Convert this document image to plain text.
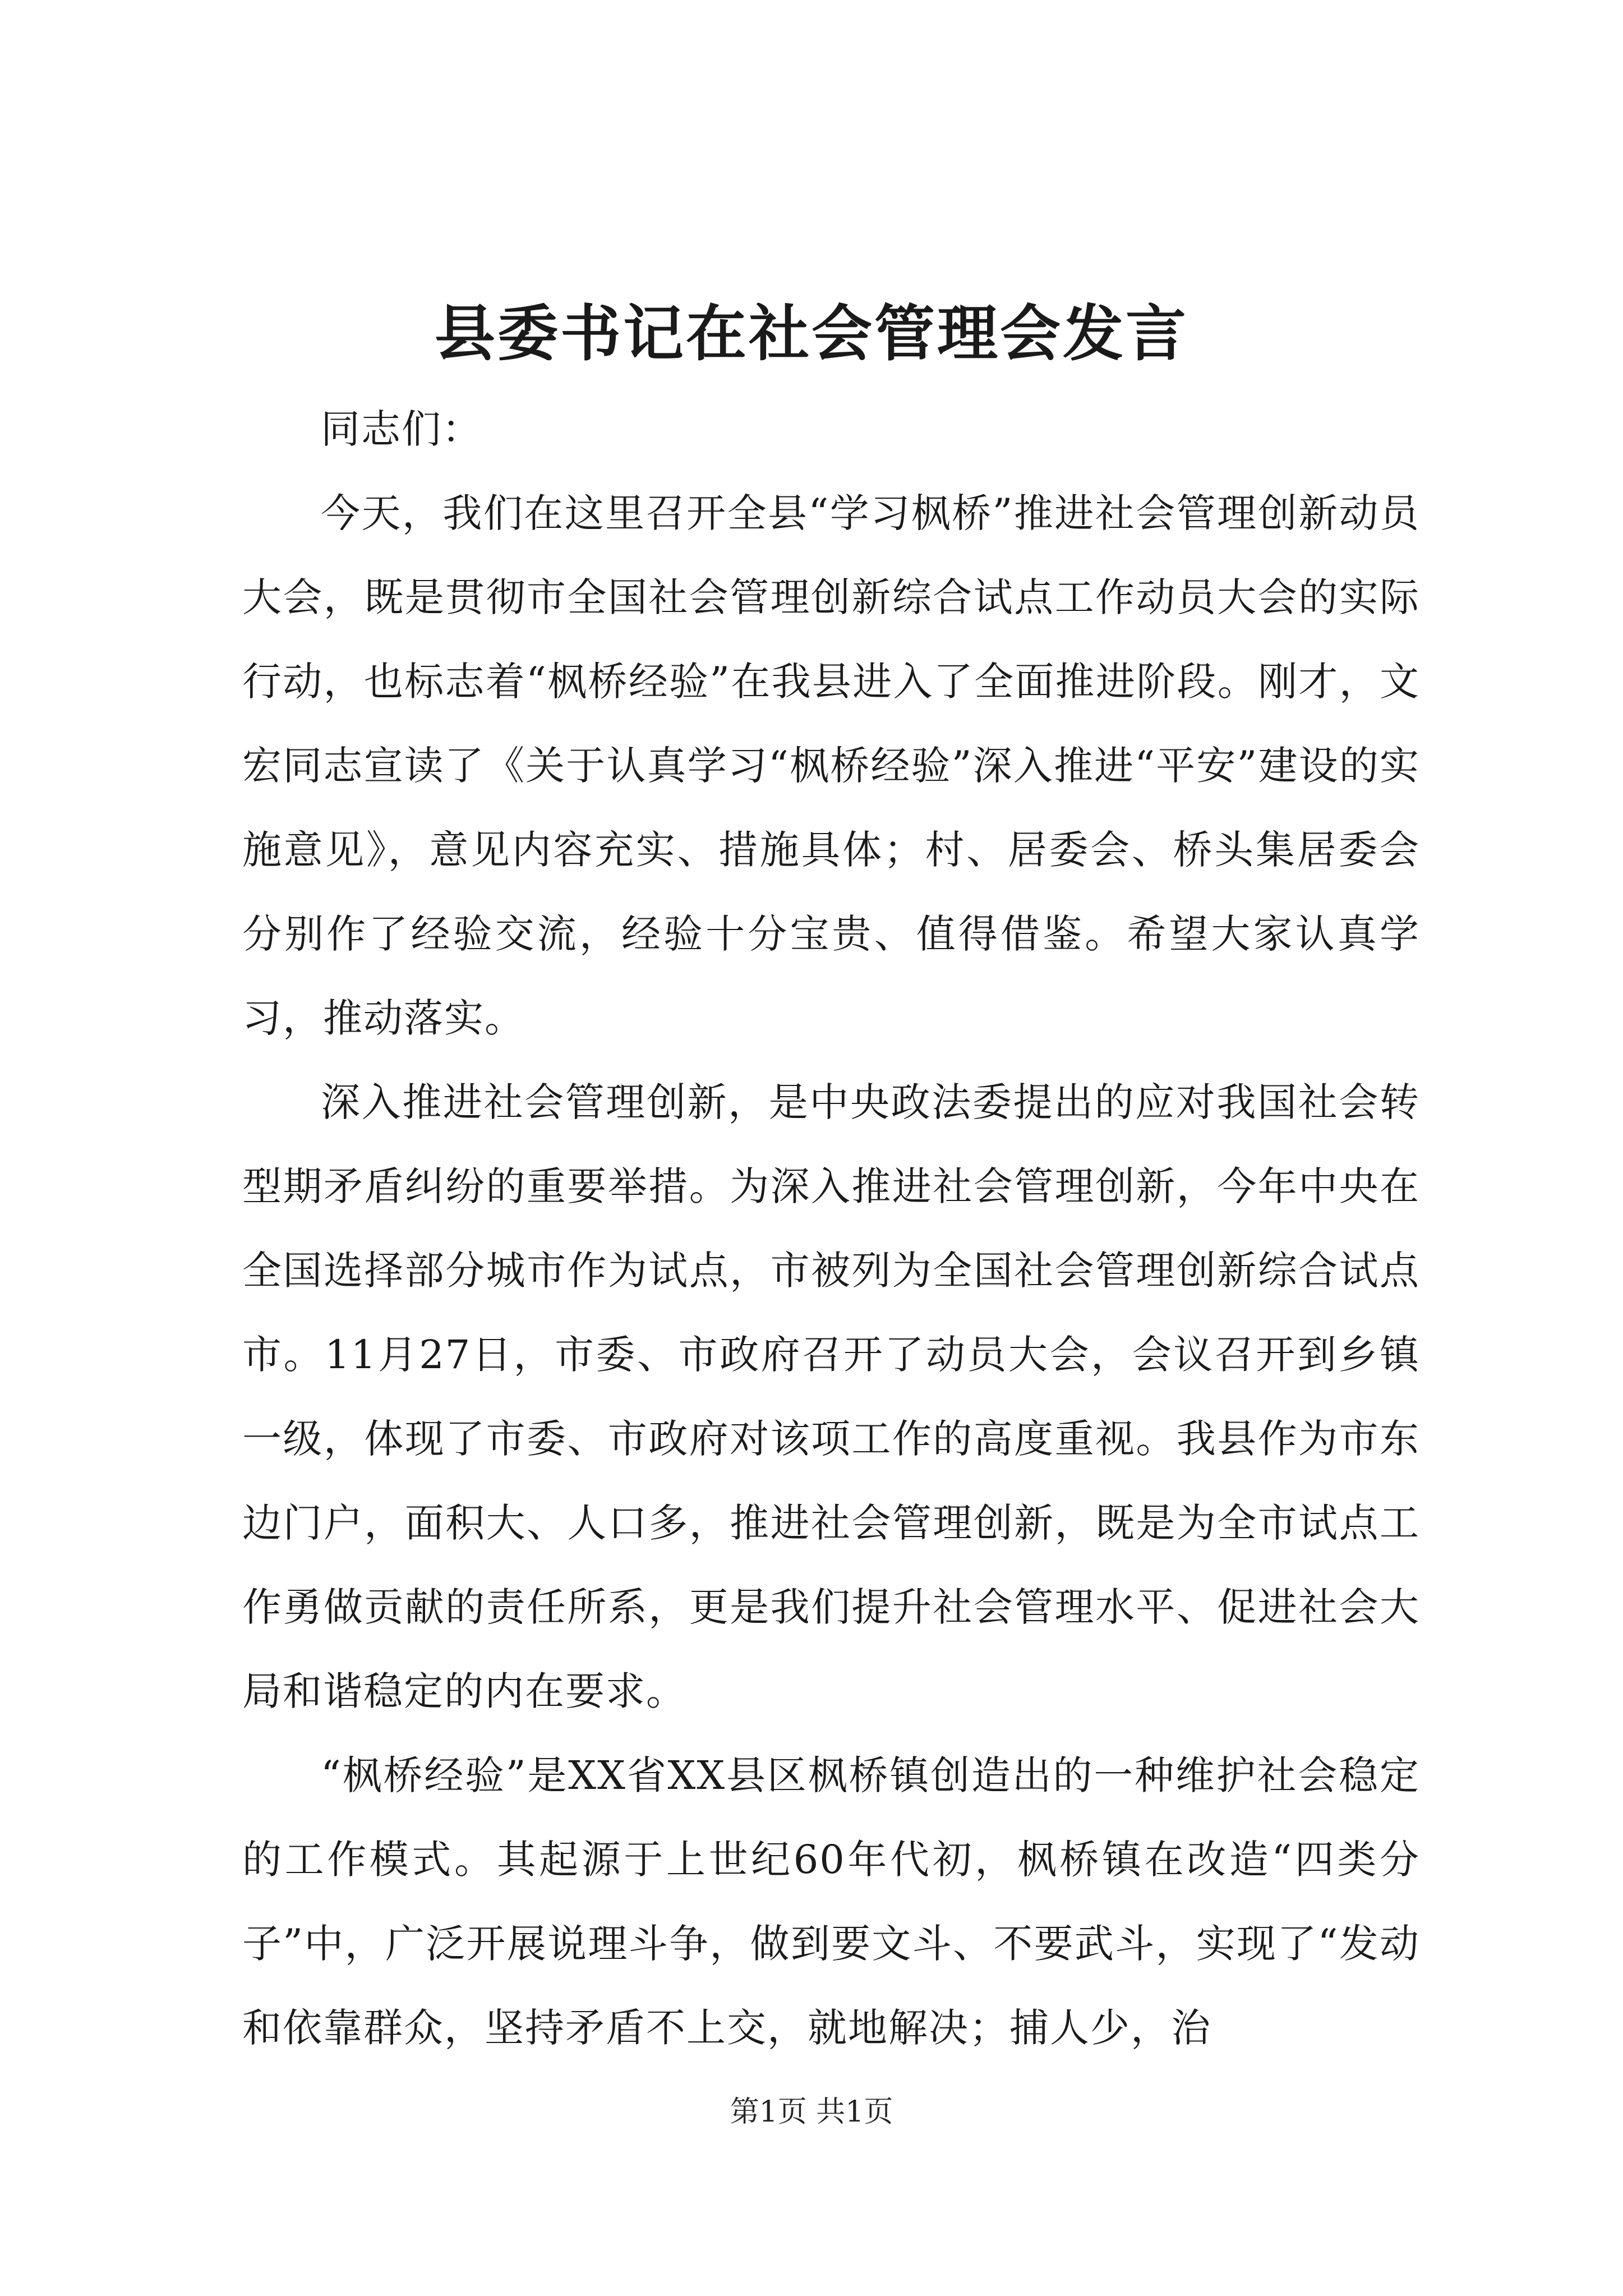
县委书记在社会管理会发言

同志们：

今天，我们在这里召开全县“学习枫桥”推进社会管理创新动员大会，既是贯彻市全国社会管理创新综合试点工作动员大会的实际行动，也标志着“枫桥经验”在我县进入了全面推进阶段。刚才，文宏同志宣读了《关于认真学习“枫桥经验”深入推进“平安”建设的实施意见》，意见内容充实、措施具体；村、居委会、桥头集居委会分别作了经验交流，经验十分宝贵、值得借鉴。希望大家认真学习，推动落实。

深入推进社会管理创新，是中央政法委提出的应对我国社会转型期矛盾纠纷的重要举措。为深入推进社会管理创新，今年中央在全国选择部分城市作为试点，市被列为全国社会管理创新综合试点市。11月27日，市委、市政府召开了动员大会，会议召开到乡镇一级，体现了市委、市政府对该项工作的高度重视。我县作为市东边门户，面积大、人口多，推进社会管理创新，既是为全市试点工作勇做贡献的责任所系，更是我们提升社会管理水平、促进社会大局和谐稳定的内在要求。

“枫桥经验”是XX省XX县区枫桥镇创造出的一种维护社会稳定的工作模式。其起源于上世纪60年代初，枫桥镇在改造“四类分子”中，广泛开展说理斗争，做到要文斗、不要武斗，实现了“发动和依靠群众，坚持矛盾不上交，就地解决；捕人少，治

第1页 共1页
